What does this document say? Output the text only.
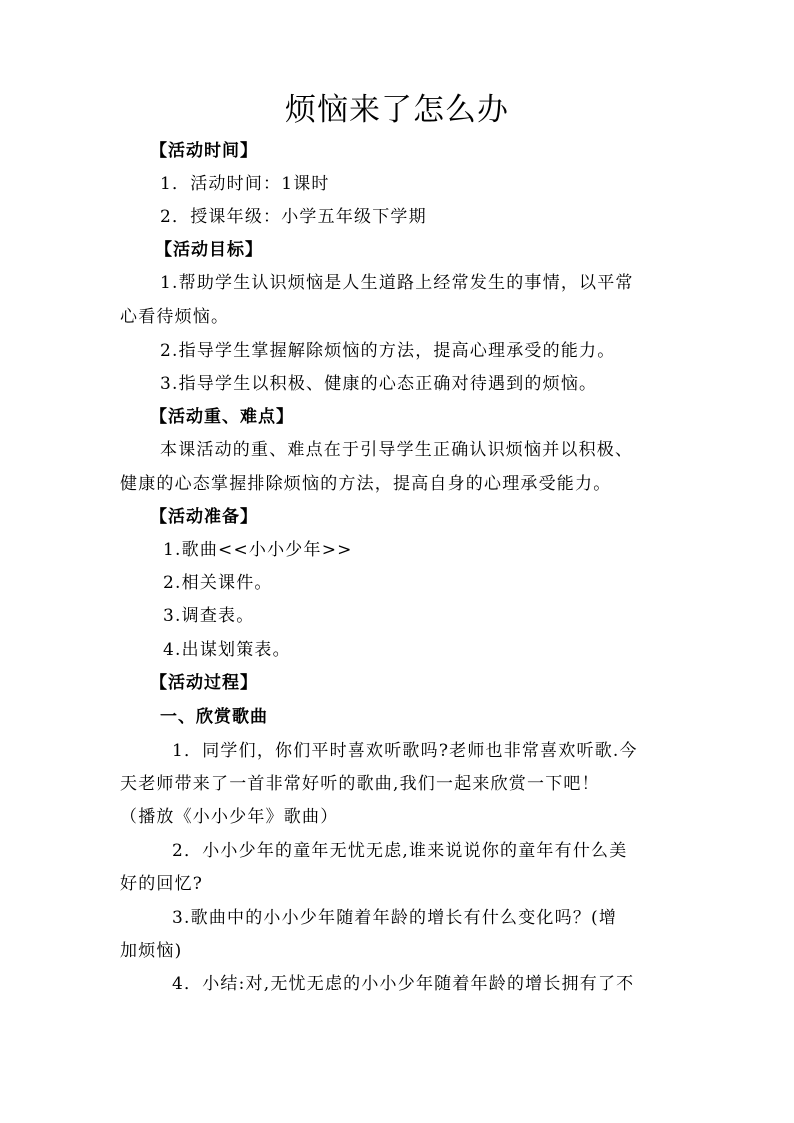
烦恼来了怎么办
【活动时间】
1．活动时间：1课时
2．授课年级：小学五年级下学期
【活动目标】
1.帮助学生认识烦恼是人生道路上经常发生的事情，以平常
心看待烦恼。
2.指导学生掌握解除烦恼的方法，提高心理承受的能力。
3.指导学生以积极、健康的心态正确对待遇到的烦恼。
【活动重、难点】
本课活动的重、难点在于引导学生正确认识烦恼并以积极、
健康的心态掌握排除烦恼的方法，提高自身的心理承受能力。
【活动准备】
1.歌曲<<小小少年>>
2.相关课件。
3.调查表。
4.出谋划策表。
【活动过程】
一、欣赏歌曲
1．同学们，你们平时喜欢听歌吗?老师也非常喜欢听歌.今
天老师带来了一首非常好听的歌曲,我们一起来欣赏一下吧！
（播放《小小少年》歌曲）
2．小小少年的童年无忧无虑,谁来说说你的童年有什么美
好的回忆?
3.歌曲中的小小少年随着年龄的增长有什么变化吗？(增
加烦恼)
4．小结:对,无忧无虑的小小少年随着年龄的增长拥有了不
